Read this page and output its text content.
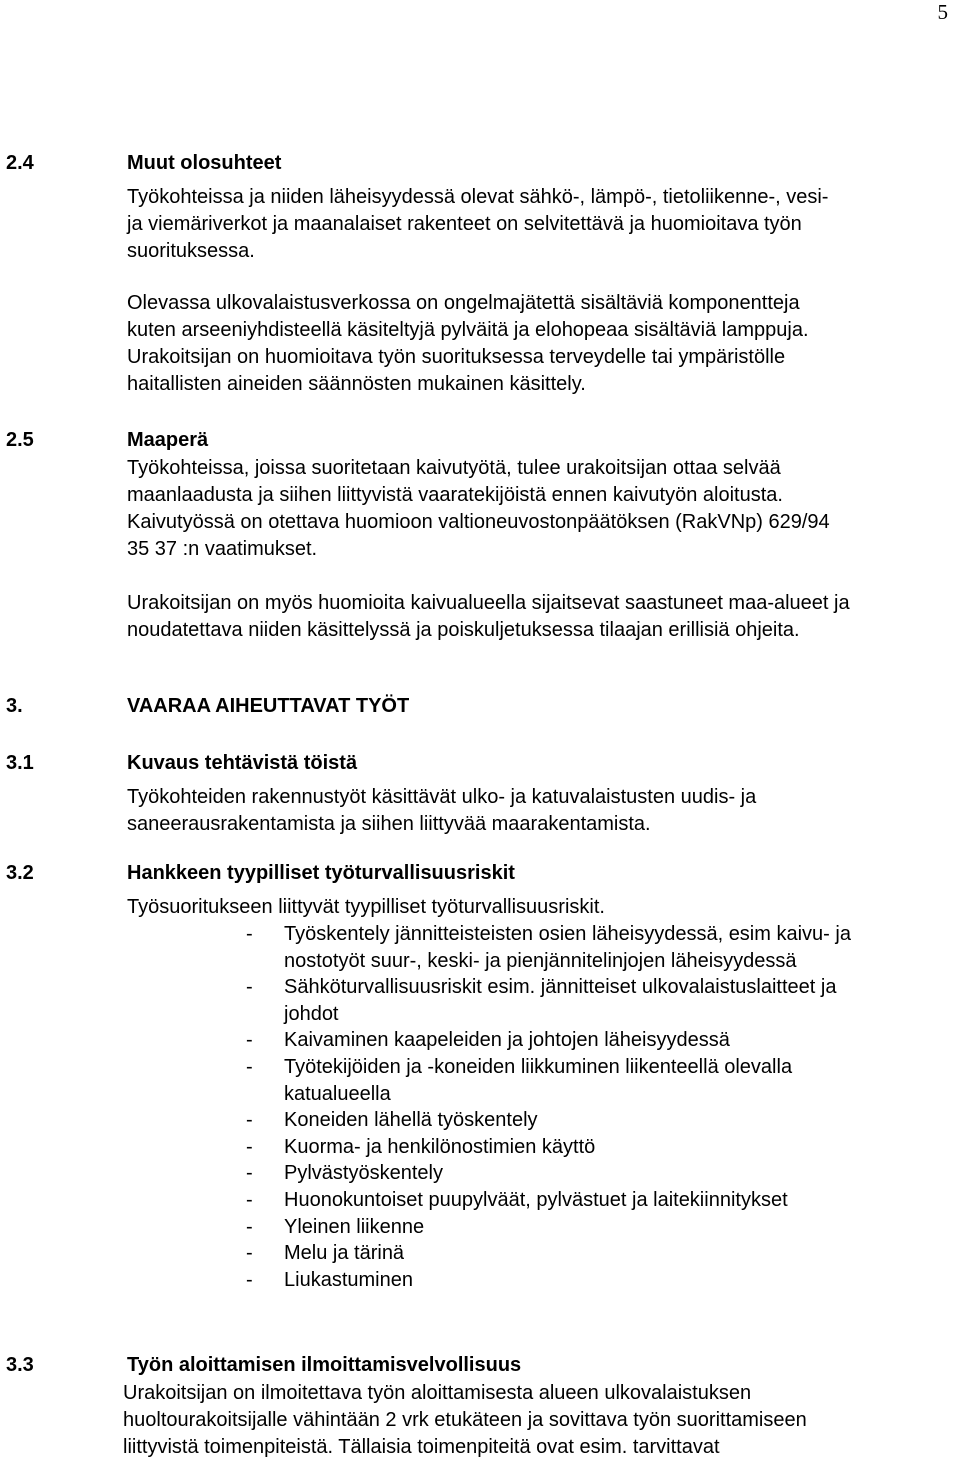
5
2.4	Muut olosuhteet

Työkohteissa ja niiden läheisyydessä olevat sähkö-, lämpö-, tietoliikenne-, vesi-
ja viemäriverkot ja maanalaiset rakenteet on selvitettävä ja huomioitava työn
suorituksessa.

Olevassa ulkovalaistusverkossa on ongelmajätettä sisältäviä komponentteja
kuten arseeniyhdisteellä käsiteltyjä pylväitä ja elohopeaa sisältäviä lamppuja.
Urakoitsijan on huomioitava työn suorituksessa terveydelle tai ympäristölle
haitallisten aineiden säännösten mukainen käsittely.

2.5	Maaperä

Työkohteissa, joissa suoritetaan kaivutyötä, tulee urakoitsijan ottaa selvää
maanlaadusta ja siihen liittyvistä vaaratekijöistä ennen kaivutyön aloitusta.
Kaivutyössä on otettava huomioon valtioneuvostonpäätöksen (RakVNp) 629/94
35 37 :n vaatimukset.

Urakoitsijan on myös huomioita kaivualueella sijaitsevat saastuneet maa-alueet ja
noudatettava niiden käsittelyssä ja poiskuljetuksessa tilaajan erillisiä ohjeita.

3.	VAARAA AIHEUTTAVAT TYÖT
3.1	Kuvaus tehtävistä töistä

Työkohteiden rakennustyöt käsittävät ulko- ja katuvalaistusten uudis- ja
saneerausrakentamista ja siihen liittyvää maarakentamista.

3.2	Hankkeen tyypilliset työturvallisuusriskit

Työsuoritukseen liittyvät tyypilliset työturvallisuusriskit.

- Työskentely jännitteisteisten osien läheisyydessä, esim kaivu- ja
nostotyöt suur-, keski- ja pienjännitelinjojen läheisyydessä
- Sähköturvallisuusriskit esim. jännitteiset ulkovalaistuslaitteet ja
johdot
- Kaivaminen kaapeleiden ja johtojen läheisyydessä
- Työtekijöiden ja -koneiden liikkuminen liikenteellä olevalla
katualueella
- Koneiden lähellä työskentely
- Kuorma- ja henkilönostimien käyttö
- Pylvästyöskentely
- Huonokuntoiset puupylväät, pylvästuet ja laitekiinnitykset
- Yleinen liikenne
- Melu ja tärinä
- Liukastuminen
3.3	Työn aloittamisen ilmoittamisvelvollisuus

Urakoitsijan on ilmoitettava työn aloittamisesta alueen ulkovalaistuksen
huoltourakoitsijalle vähintään 2 vrk etukäteen ja sovittava työn suorittamiseen
liittyvistä toimenpiteistä. Tällaisia toimenpiteitä ovat esim. tarvittavat
